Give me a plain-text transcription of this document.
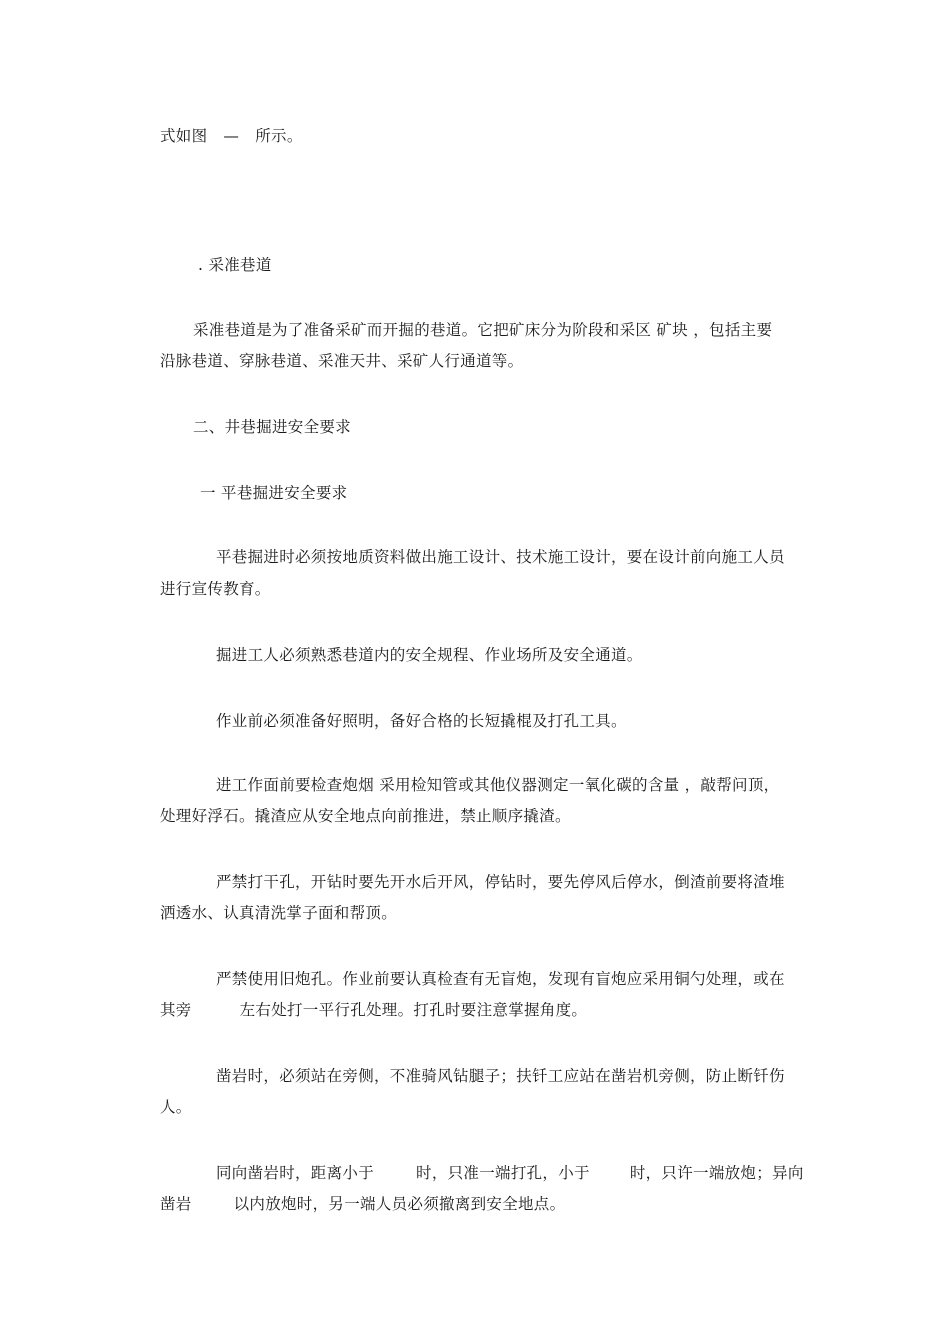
式如图 — 所示。
. 采准巷道
采准巷道是为了准备采矿而开掘的巷道。它把矿床分为阶段和采区 矿块 ，包括主要
沿脉巷道、穿脉巷道、采准天井、采矿人行通道等。
二、井巷掘进安全要求
一 平巷掘进安全要求
平巷掘进时必须按地质资料做出施工设计、技术施工设计，要在设计前向施工人员
进行宣传教育。
掘进工人必须熟悉巷道内的安全规程、作业场所及安全通道。
作业前必须准备好照明，备好合格的长短撬棍及打孔工具。
进工作面前要检查炮烟 采用检知管或其他仪器测定一氧化碳的含量 ，敲帮问顶，
处理好浮石。撬渣应从安全地点向前推进，禁止顺序撬渣。
严禁打干孔，开钻时要先开水后开风，停钻时，要先停风后停水，倒渣前要将渣堆
洒透水、认真清洗掌子面和帮顶。
严禁使用旧炮孔。作业前要认真检查有无盲炮，发现有盲炮应采用铜勺处理，或在
其旁	左右处打一平行孔处理。打孔时要注意掌握角度。
凿岩时，必须站在旁侧，不准骑风钻腿子；扶钎工应站在凿岩机旁侧，防止断钎伤
人。
同向凿岩时，距离小于	时，只准一端打孔，小于	时，只许一端放炮；异向
凿岩	以内放炮时，另一端人员必须撤离到安全地点。
